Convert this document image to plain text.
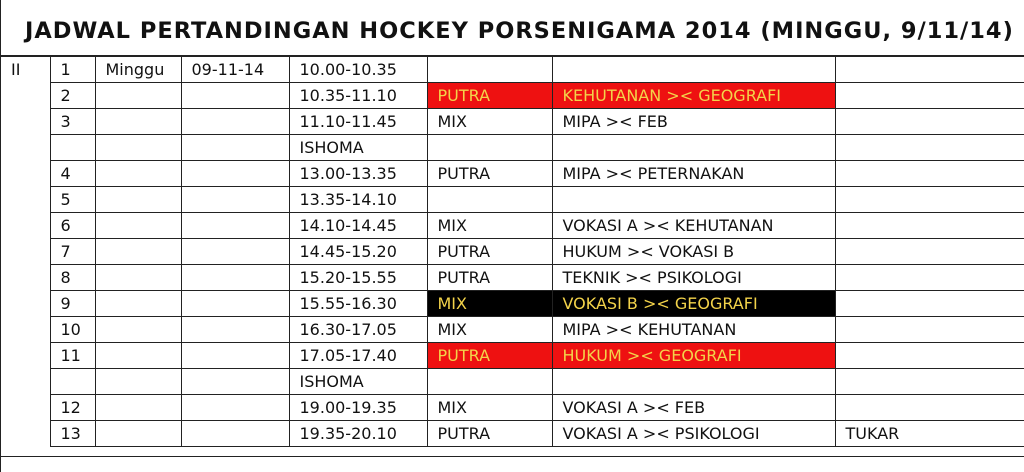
JADWAL PERTANDINGAN HOCKEY PORSENIGAMA 2014 (MINGGU, 9/11/14)
II	1	Minggu	09-11-14	10.00-10.35			
	2			10.35-11.10	PUTRA	KEHUTANAN >< GEOGRAFI	
	3			11.10-11.45	MIX	MIPA >< FEB	
				ISHOMA			
	4			13.00-13.35	PUTRA	MIPA >< PETERNAKAN	
	5			13.35-14.10			
	6			14.10-14.45	MIX	VOKASI A >< KEHUTANAN	
	7			14.45-15.20	PUTRA	HUKUM >< VOKASI B	
	8			15.20-15.55	PUTRA	TEKNIK >< PSIKOLOGI	
	9			15.55-16.30	MIX	VOKASI B >< GEOGRAFI	
	10			16.30-17.05	MIX	MIPA >< KEHUTANAN	
	11			17.05-17.40	PUTRA	HUKUM >< GEOGRAFI	
				ISHOMA			
	12			19.00-19.35	MIX	VOKASI A >< FEB	
	13			19.35-20.10	PUTRA	VOKASI A >< PSIKOLOGI	TUKAR
